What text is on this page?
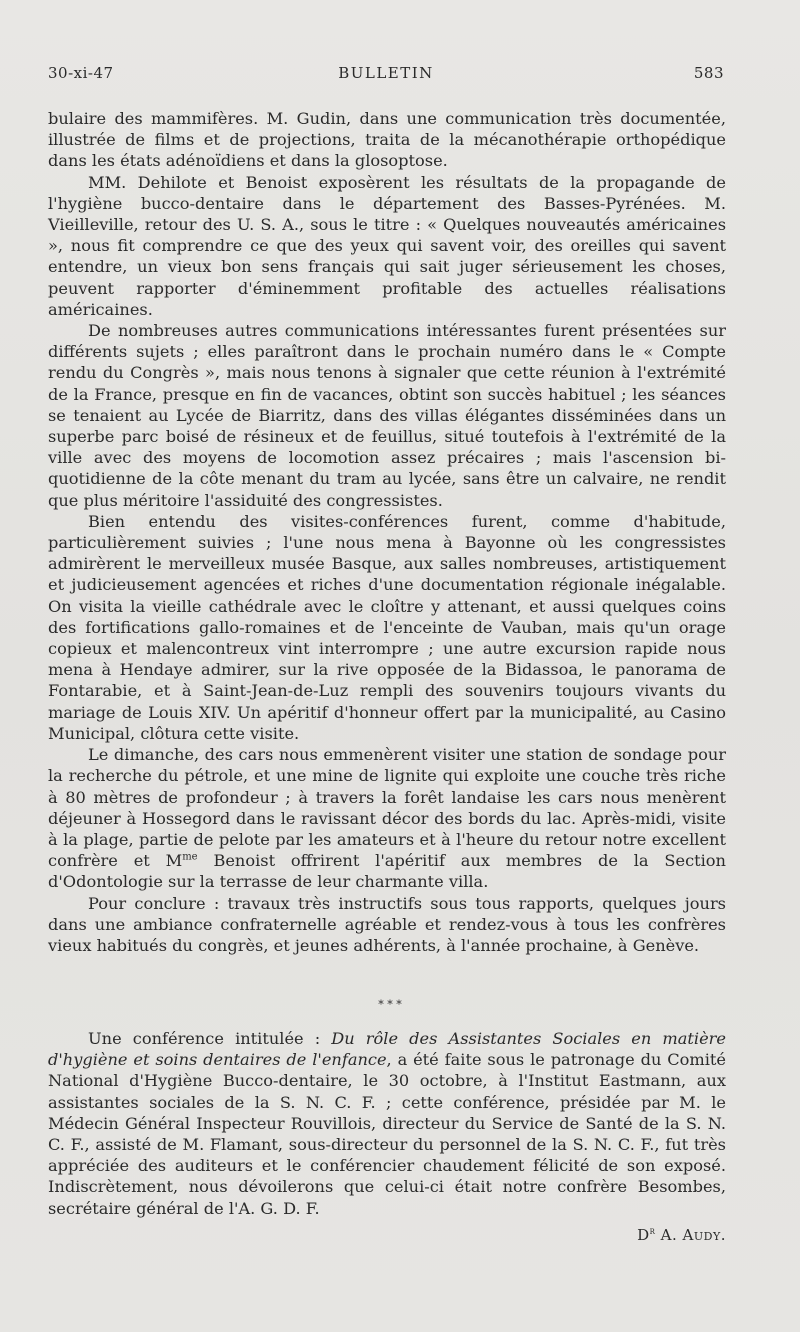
30-xi-47	BULLETIN	583

bulaire des mammifères. M. Gudin, dans une communication très documentée, illustrée de films et de projections, traita de la mécanothérapie orthopédique dans les états adénoïdiens et dans la glosoptose.

MM. Dehilote et Benoist exposèrent les résultats de la propagande de l'hygiène bucco-dentaire dans le département des Basses-Pyrénées. M. Vieilleville, retour des U. S. A., sous le titre : « Quelques nouveautés américaines », nous fit comprendre ce que des yeux qui savent voir, des oreilles qui savent entendre, un vieux bon sens français qui sait juger sérieusement les choses, peuvent rapporter d'éminemment profitable des actuelles réalisations américaines.

De nombreuses autres communications intéressantes furent présentées sur différents sujets ; elles paraîtront dans le prochain numéro dans le « Compte rendu du Congrès », mais nous tenons à signaler que cette réunion à l'extrémité de la France, presque en fin de vacances, obtint son succès habituel ; les séances se tenaient au Lycée de Biarritz, dans des villas élégantes disséminées dans un superbe parc boisé de résineux et de feuillus, situé toutefois à l'extrémité de la ville avec des moyens de locomotion assez précaires ; mais l'ascension bi-quotidienne de la côte menant du tram au lycée, sans être un calvaire, ne rendit que plus méritoire l'assiduité des congressistes.

Bien entendu des visites-conférences furent, comme d'habitude, particulièrement suivies ; l'une nous mena à Bayonne où les congressistes admirèrent le merveilleux musée Basque, aux salles nombreuses, artistiquement et judicieusement agencées et riches d'une documentation régionale inégalable. On visita la vieille cathédrale avec le cloître y attenant, et aussi quelques coins des fortifications gallo-romaines et de l'enceinte de Vauban, mais qu'un orage copieux et malencontreux vint interrompre ; une autre excursion rapide nous mena à Hendaye admirer, sur la rive opposée de la Bidassoa, le panorama de Fontarabie, et à Saint-Jean-de-Luz rempli des souvenirs toujours vivants du mariage de Louis XIV. Un apéritif d'honneur offert par la municipalité, au Casino Municipal, clôtura cette visite.

Le dimanche, des cars nous emmenèrent visiter une station de sondage pour la recherche du pétrole, et une mine de lignite qui exploite une couche très riche à 80 mètres de profondeur ; à travers la forêt landaise les cars nous menèrent déjeuner à Hossegord dans le ravissant décor des bords du lac. Après-midi, visite à la plage, partie de pelote par les amateurs et à l'heure du retour notre excellent confrère et $M^{me}$ Benoist offrirent l'apéritif aux membres de la Section d'Odontologie sur la terrasse de leur charmante villa.

Pour conclure : travaux très instructifs sous tous rapports, quelques jours dans une ambiance confraternelle agréable et rendez-vous à tous les confrères vieux habitués du congrès, et jeunes adhérents, à l'année prochaine, à Genève.

* * *

Une conférence intitulée : Du rôle des Assistantes Sociales en matière d'hygiène et soins dentaires de l'enfance, a été faite sous le patronage du Comité National d'Hygiène Bucco-dentaire, le 30 octobre, à l'Institut Eastmann, aux assistantes sociales de la S. N. C. F. ; cette conférence, présidée par M. le Médecin Général Inspecteur Rouvillois, directeur du Service de Santé de la S. N. C. F., assisté de M. Flamant, sous-directeur du personnel de la S. N. C. F., fut très appréciée des auditeurs et le conférencier chaudement félicité de son exposé. Indiscrètement, nous dévoilerons que celui-ci était notre confrère Besombes, secrétaire général de l'A. G. D. F.

$D^r$ A. Audy.
